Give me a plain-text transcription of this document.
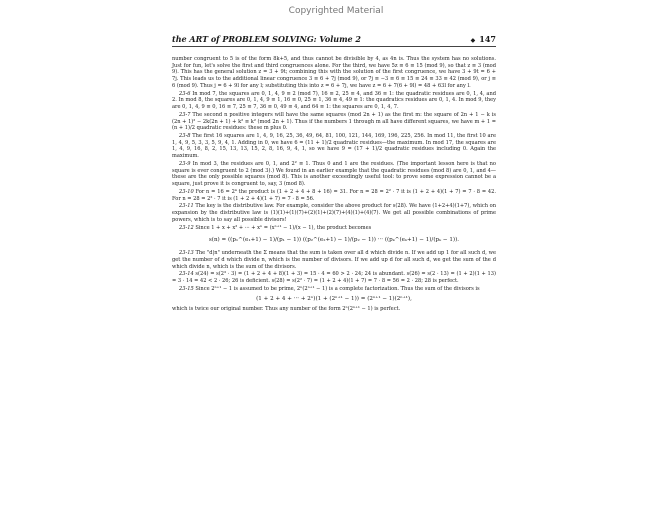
Copyrighted Material
the ART of PROBLEM SOLVING: Volume 2	◆ 147

number congruent to 5 is of the form 8k+5, and thus cannot be divisible by 4, as 4n is. Thus the system has no solutions. Just for fun, let's solve the first and third congruences alone. For the third, we have 5z ≡ 6 ≡ 15 (mod 9), so that z ≡ 3 (mod 9). This has the general solution z = 3 + 9t; combining this with the solution of the first congruence, we have 3 + 9t = 6 + 7j. This leads us to the additional linear congruence 3 ≡ 6 + 7j (mod 9), or 7j ≡ −3 ≡ 6 ≡ 15 ≡ 24 ≡ 33 ≡ 42 (mod 9), or j ≡ 6 (mod 9). Thus j = 6 + 9l for any l; substituting this into z = 6 + 7j, we have z = 6 + 7(6 + 9l) = 48 + 63l for any l.

23-6 In mod 7, the squares are 0, 1, 4, 9 ≡ 2 (mod 7), 16 ≡ 2, 25 ≡ 4, and 36 ≡ 1: the quadratic residues are 0, 1, 4, and 2. In mod 8, the squares are 0, 1, 4, 9 ≡ 1, 16 ≡ 0, 25 ≡ 1, 36 ≡ 4, 49 ≡ 1: the quadratics residues are 0, 1, 4. In mod 9, they are 0, 1, 4, 9 ≡ 0, 16 ≡ 7, 25 ≡ 7, 36 ≡ 0, 49 ≡ 4, and 64 ≡ 1: the squares are 0, 1, 4, 7.

23-7 The second n positive integers will have the same squares (mod 2n + 1) as the first m: the square of 2n + 1 − k is (2n + 1)² − 2k(2n + 1) + k² ≡ k² (mod 2n + 1). Thus if the numbers 1 through m all have different squares, we have m + 1 = (n + 1)/2 quadratic residues: these m plus 0.

23-8 The first 16 squares are 1, 4, 9, 16, 25, 36, 49, 64, 81, 100, 121, 144, 169, 196, 225, 256. In mod 11, the first 10 are 1, 4, 9, 5, 3, 3, 5, 9, 4, 1. Adding in 0, we have 6 = (11 + 1)/2 quadratic residues—the maximum. In mod 17, the squares are 1, 4, 9, 16, 8, 2, 15, 13, 13, 15, 2, 8, 16, 9, 4, 1, so we have 9 = (17 + 1)/2 quadratic residues including 0. Again the maximum.

23-9 In mod 3, the residues are 0, 1, and 2² ≡ 1. Thus 0 and 1 are the residues. (The important lesson here is that no square is ever congruent to 2 (mod 3).) We found in an earlier example that the quadratic residues (mod 8) are 0, 1, and 4—these are the only possible squares (mod 8). This is another exceedingly useful tool: to prove some expression cannot be a square, just prove it is congruent to, say, 3 (mod 8).

23-10 For n = 16 = 2⁴ the product is (1 + 2 + 4 + 8 + 16) = 31. For n = 28 = 2² · 7 it is (1 + 2 + 4)(1 + 7) = 7 · 8 = 42. For n = 28 = 2² · 7 it is (1 + 2 + 4)(1 + 7) = 7 · 8 = 56.

23-11 The key is the distributive law. For example, consider the above product for s(28). We have (1+2+4)(1+7), which on expansion by the distributive law is (1)(1)+(1)(7)+(2)(1)+(2)(7)+(4)(1)+(4)(7). We get all possible combinations of prime powers, which is to say all possible divisors!

23-12 Since 1 + x + x² + ··· + xⁿ = (xⁿ⁺¹ − 1)/(x − 1), the product becomes

s(n) = ((p₁^(e₁+1) − 1)/(p₁ − 1)) ((p₂^(e₂+1) − 1)/(p₂ − 1)) ··· ((pₖ^(eₖ+1) − 1)/(pₖ − 1)).

23-13 The "d|n" underneath the Σ means that the sum is taken over all d which divide n. If we add up 1 for all such d, we get the number of d which divide n, which is the number of divisors. If we add up d for all such d, we get the sum of the d which divide n, which is the sum of the divisors.

23-14 s(24) = s(2³ · 3) = (1 + 2 + 4 + 8)(1 + 3) = 15 · 4 = 60 > 2 · 24; 24 is abundant. s(26) = s(2 · 13) = (1 + 2)(1 + 13) = 3 · 14 = 42 < 2 · 26; 26 is deficient. s(28) = s(2² · 7) = (1 + 2 + 4)(1 + 7) = 7 · 8 = 56 = 2 · 28; 28 is perfect.

23-15 Since 2ⁿ⁺¹ − 1 is assumed to be prime, 2ⁿ(2ⁿ⁺¹ − 1) is a complete factorization. Thus the sum of the divisors is

(1 + 2 + 4 + ··· + 2ⁿ)(1 + (2ⁿ⁺¹ − 1)) = (2ⁿ⁺¹ − 1)(2ⁿ⁺¹),

which is twice our original number. Thus any number of the form 2ⁿ(2ⁿ⁺¹ − 1) is perfect.
